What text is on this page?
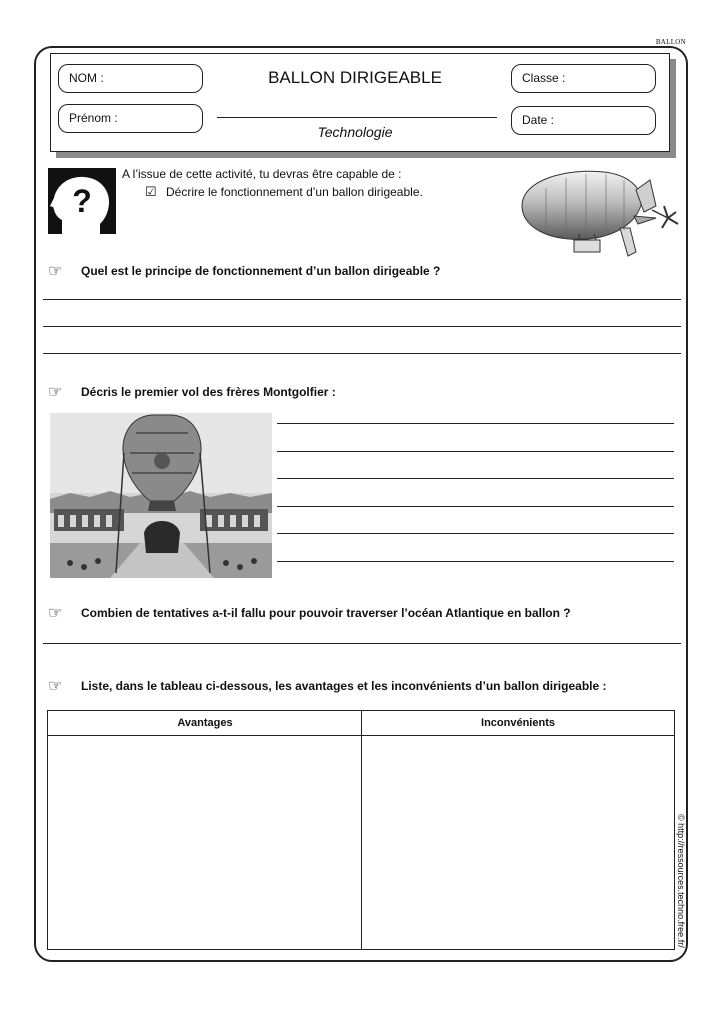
BALLON
NOM :
Prénom :
Classe :
Date :
BALLON DIRIGEABLE
Technologie
?
A l’issue de cette activité, tu devras être capable de :
☑ Décrire le fonctionnement d’un ballon dirigeable.
☞	Quel est le principe de fonctionnement d’un ballon dirigeable ?
☞	Décris le premier vol des frères Montgolfier :
☞	Combien de tentatives a-t-il fallu pour pouvoir traverser l’océan Atlantique en ballon ?
☞	Liste, dans le tableau ci-dessous, les avantages et les inconvénients d’un ballon dirigeable :
Avantages	Inconvénients
© http://ressources.techno.free.fr/
